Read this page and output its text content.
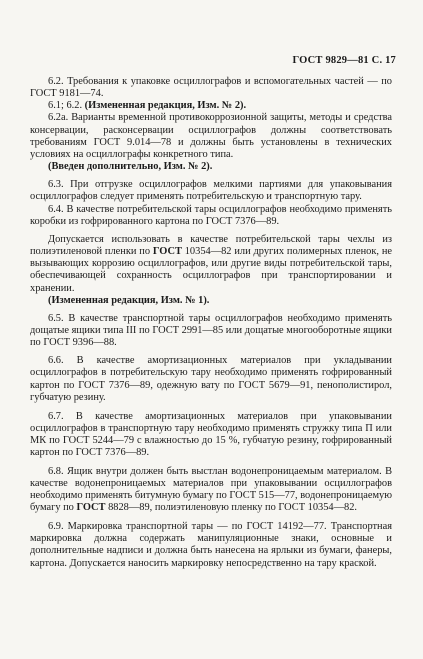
ГОСТ 9829—81 С. 17

6.2. Требования к упаковке осциллографов и вспомогательных частей — по ГОСТ 9181—74.

6.1; 6.2. (Измененная редакция, Изм. № 2).

6.2а. Варианты временной противокоррозионной защиты, методы и средства консервации, расконсервации осциллографов должны соответствовать требованиям ГОСТ 9.014—78 и должны быть установлены в технических условиях на осциллографы конкретного типа.

(Введен дополнительно, Изм. № 2).

6.3. При отгрузке осциллографов мелкими партиями для упаковывания осциллографов следует применять потребительскую и транспортную тару.

6.4. В качестве потребительской тары осциллографов необходимо применять коробки из гофрированного картона по ГОСТ 7376—89.

Допускается использовать в качестве потребительской тары чехлы из полиэтиленовой пленки по ГОСТ 10354—82 или других полимерных пленок, не вызывающих коррозию осциллографов, или другие виды потребительской тары, обеспечивающей сохранность осциллографов при транспортировании и хранении.

(Измененная редакция, Изм. № 1).

6.5. В качестве транспортной тары осциллографов необходимо применять дощатые ящики типа III по ГОСТ 2991—85 или дощатые многооборотные ящики по ГОСТ 9396—88.

6.6. В качестве амортизационных материалов при укладывании осциллографов в потребительскую тару необходимо применять гофрированный картон по ГОСТ 7376—89, одежную вату по ГОСТ 5679—91, пенополистирол, губчатую резину.

6.7. В качестве амортизационных материалов при упаковывании осциллографов в транспортную тару необходимо применять стружку типа П или МК по ГОСТ 5244—79 с влажностью до 15 %, губчатую резину, гофрированный картон по ГОСТ 7376—89.

6.8. Ящик внутри должен быть выстлан водонепроницаемым материалом. В качестве водонепроницаемых материалов при упаковывании осциллографов необходимо применять битумную бумагу по ГОСТ 515—77, водонепроницаемую бумагу по ГОСТ 8828—89, полиэтиленовую пленку по ГОСТ 10354—82.

6.9. Маркировка транспортной тары — по ГОСТ 14192—77. Транспортная маркировка должна содержать манипуляционные знаки, основные и дополнительные надписи и должна быть нанесена на ярлыки из бумаги, фанеры, картона. Допускается наносить маркировку непосредственно на тару краской.
